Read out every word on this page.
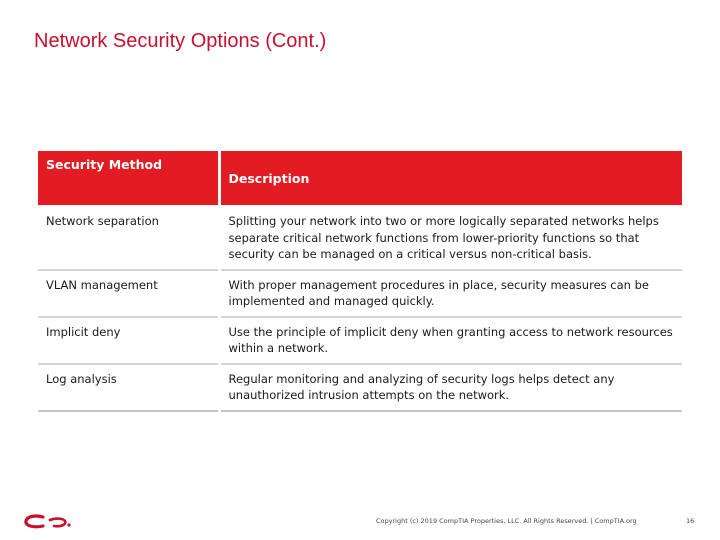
Network Security Options (Cont.)
Security Method	Description
Network separation	Splitting your network into two or more logically separated networks helps separate critical network functions from lower-priority functions so that security can be managed on a critical versus non-critical basis.
VLAN management	With proper management procedures in place, security measures can be implemented and managed quickly.
Implicit deny	Use the principle of implicit deny when granting access to network resources within a network.
Log analysis	Regular monitoring and analyzing of security logs helps detect any unauthorized intrusion attempts on the network.
Copyright (c) 2019 CompTIA Properties, LLC. All Rights Reserved. | CompTIA.org	16
